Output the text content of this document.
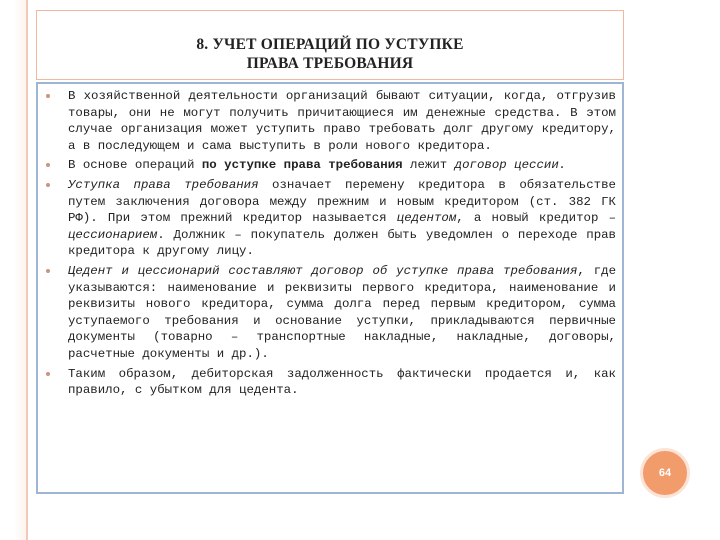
8. УЧЕТ ОПЕРАЦИЙ ПО УСТУПКЕ
ПРАВА ТРЕБОВАНИЯ
В хозяйственной деятельности организаций бывают ситуации, когда, отгрузив товары, они не могут получить причитающиеся им денежные средства. В этом случае организация может уступить право требовать долг другому кредитору, а в последующем и сама выступить в роли нового кредитора.
В основе операций по уступке права требования лежит договор цессии.
Уступка права требования означает перемену кредитора в обязательстве путем заключения договора между прежним и новым кредитором (ст. 382 ГК РФ). При этом прежний кредитор называется цедентом, а новый кредитор – цессионарием. Должник – покупатель должен быть уведомлен о переходе прав кредитора к другому лицу.
Цедент и цессионарий составляют договор об уступке права требования, где указываются: наименование и реквизиты первого кредитора, наименование и реквизиты нового кредитора, сумма долга перед первым кредитором, сумма уступаемого требования и основание уступки, прикладываются первичные документы (товарно – транспортные накладные, накладные, договоры, расчетные документы и др.).
Таким образом, дебиторская задолженность фактически продается и, как правило, с убытком для цедента.
64
